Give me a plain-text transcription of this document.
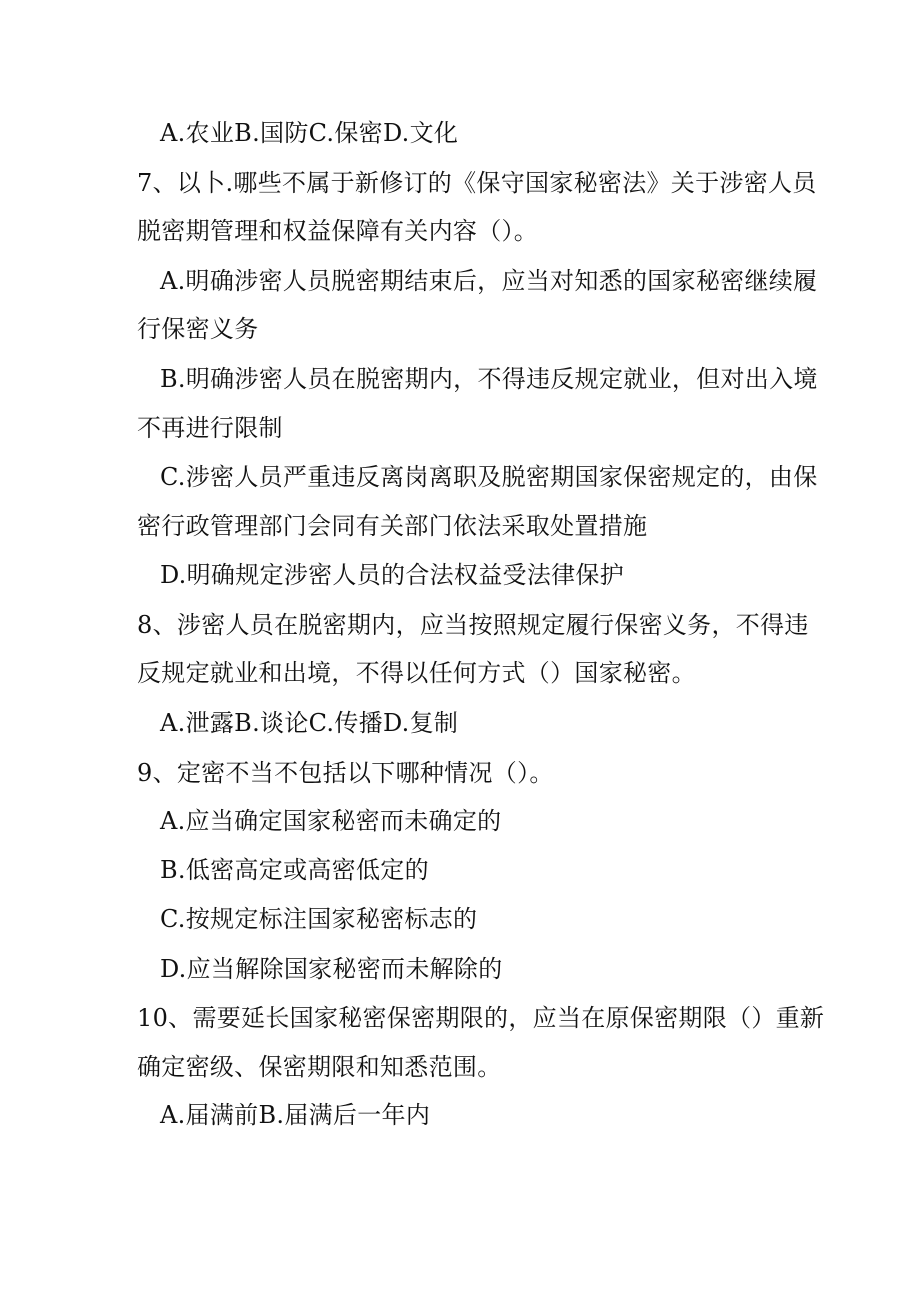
A.农业B.国防C.保密D.文化
7、以卜.哪些不属于新修订的《保守国家秘密法》关于涉密人员
脱密期管理和权益保障有关内容（）。
A.明确涉密人员脱密期结束后，应当对知悉的国家秘密继续履
行保密义务
B.明确涉密人员在脱密期内，不得违反规定就业，但对出入境
不再进行限制
C.涉密人员严重违反离岗离职及脱密期国家保密规定的，由保
密行政管理部门会同有关部门依法采取处置措施
D.明确规定涉密人员的合法权益受法律保护
8、涉密人员在脱密期内，应当按照规定履行保密义务，不得违
反规定就业和出境，不得以任何方式（）国家秘密。
A.泄露B.谈论C.传播D.复制
9、定密不当不包括以下哪种情况（）。
A.应当确定国家秘密而未确定的
B.低密高定或高密低定的
C.按规定标注国家秘密标志的
D.应当解除国家秘密而未解除的
10、需要延长国家秘密保密期限的，应当在原保密期限（）重新
确定密级、保密期限和知悉范围。
A.届满前B.届满后一年内
